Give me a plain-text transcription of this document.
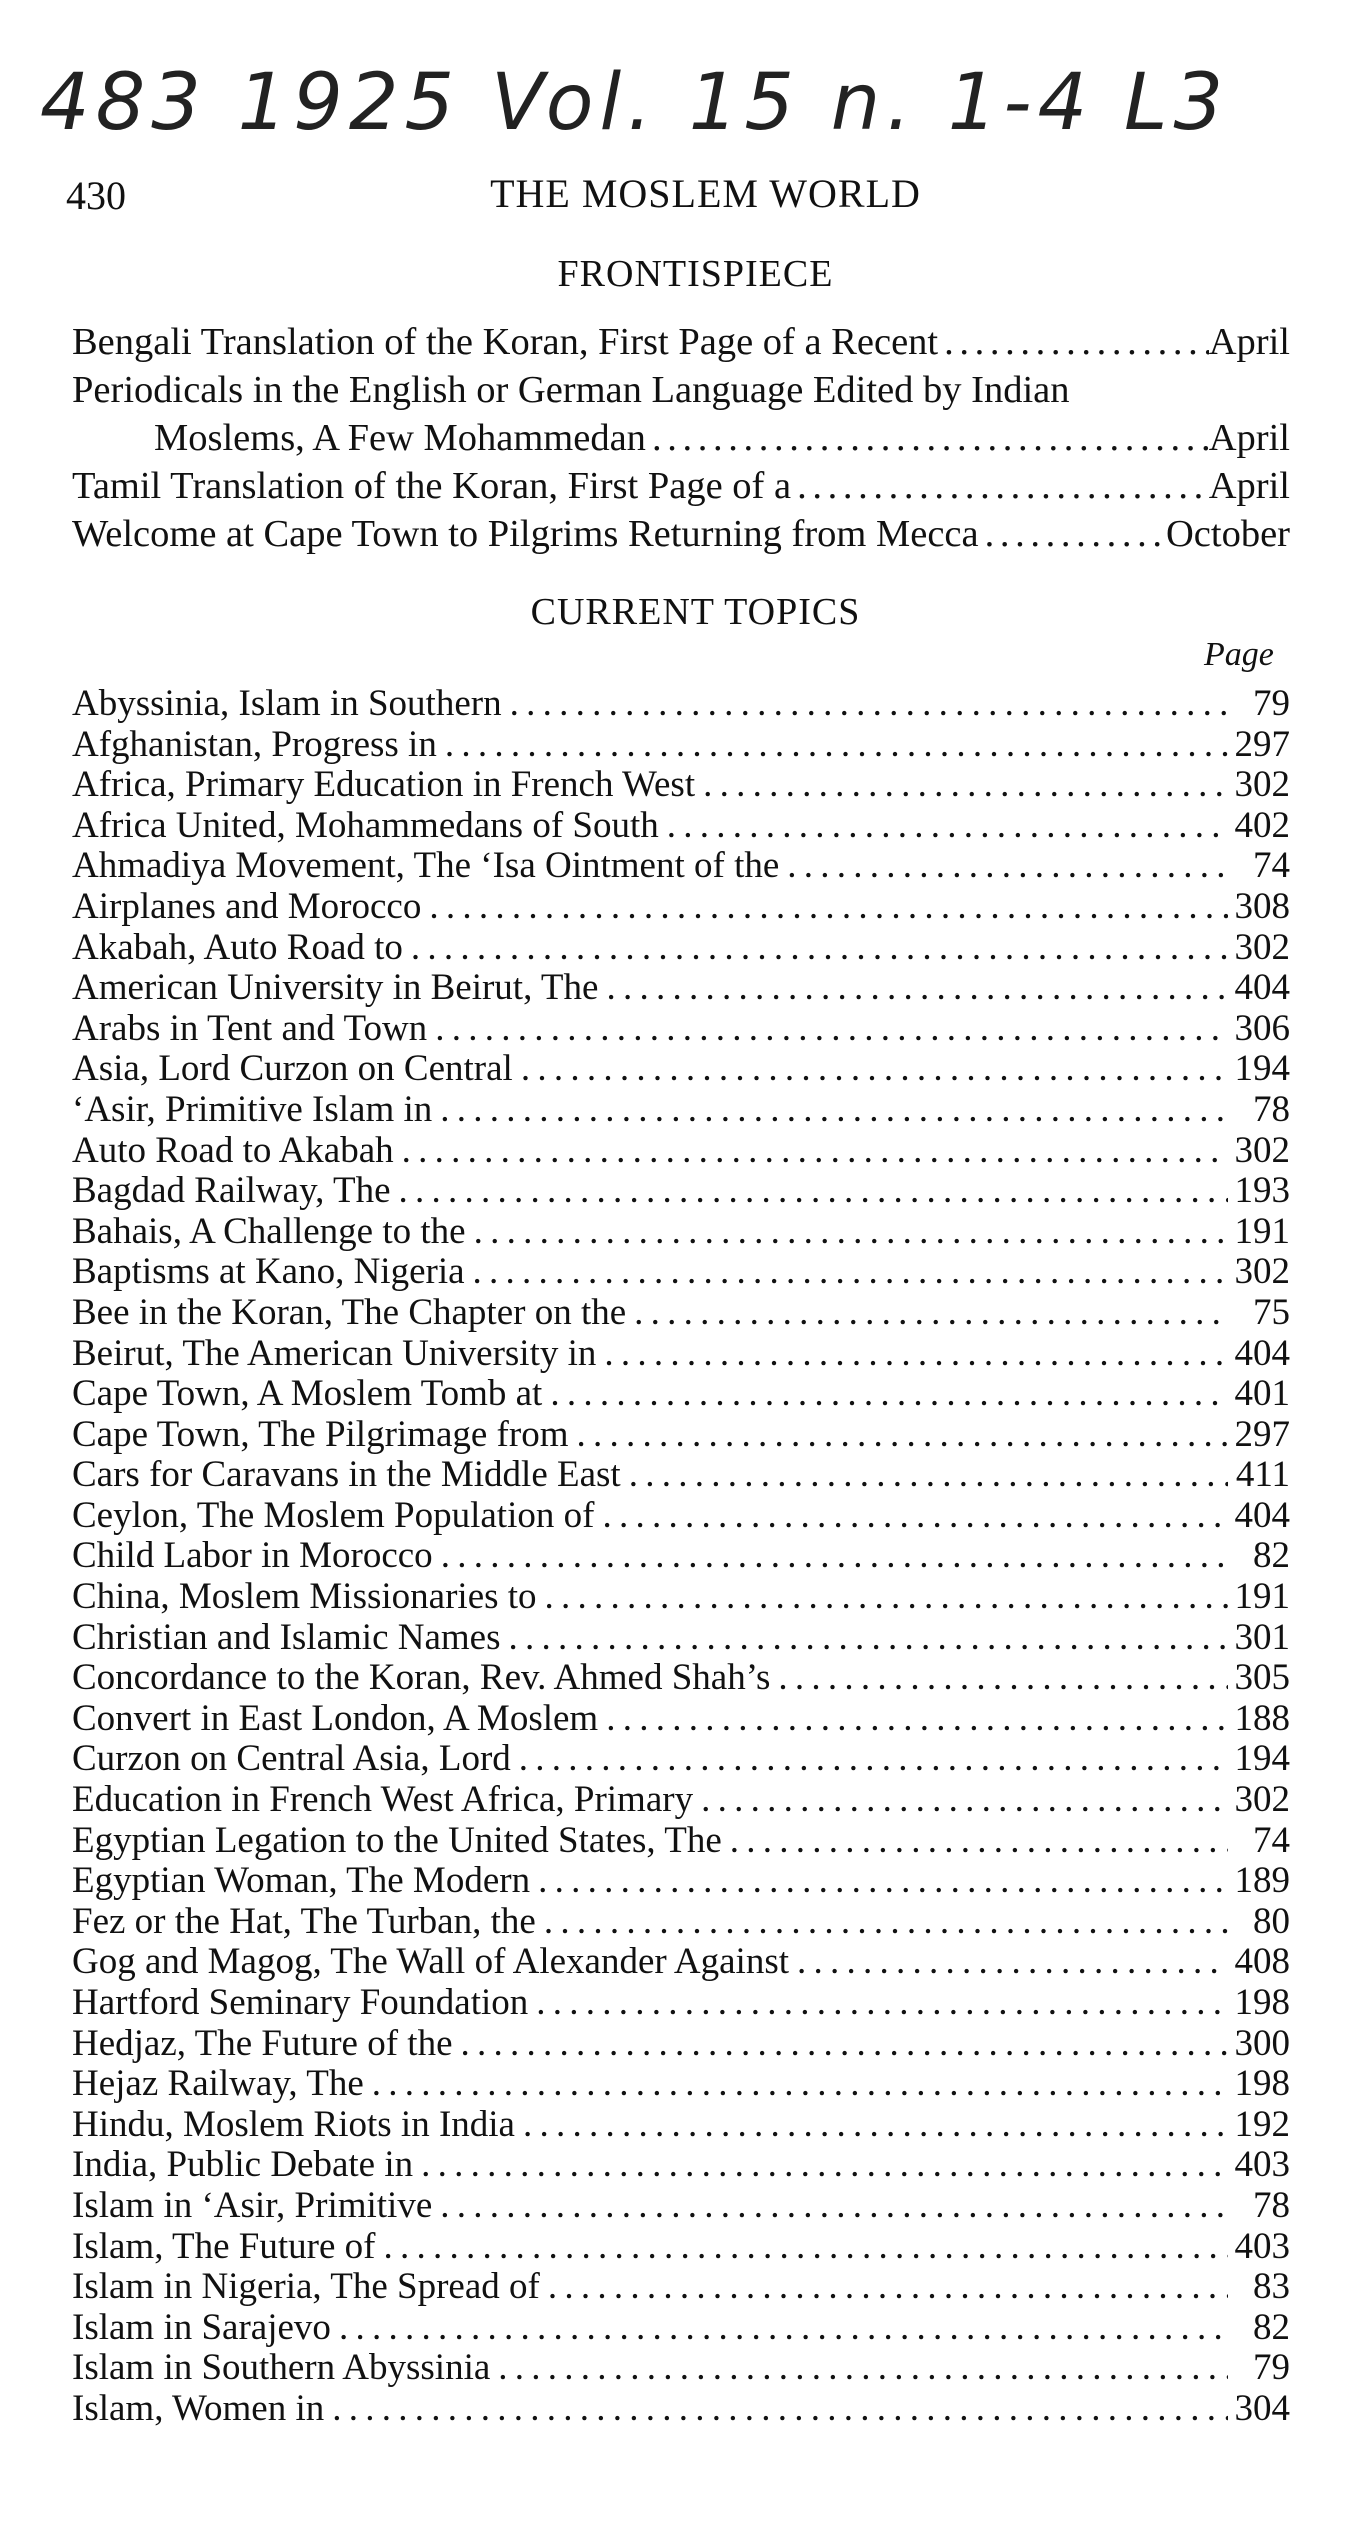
483 1925 Vol. 15 n. 1-4 L3
430	THE MOSLEM WORLD
FRONTISPIECE
Bengali Translation of the Koran, First Page of a Recent . . .	April
Periodicals in the English or German Language Edited by Indian
Moslems, A Few Mohammedan . . .	April
Tamil Translation of the Koran, First Page of a . . .	April
Welcome at Cape Town to Pilgrims Returning from Mecca . . .	October
CURRENT TOPICS
Page
Abyssinia, Islam in Southern . . .	79
Afghanistan, Progress in . . .	297
Africa, Primary Education in French West . . .	302
Africa United, Mohammedans of South . . .	402
Ahmadiya Movement, The ‘Isa Ointment of the . . .	74
Airplanes and Morocco . . .	308
Akabah, Auto Road to . . .	302
American University in Beirut, The . . .	404
Arabs in Tent and Town . . .	306
Asia, Lord Curzon on Central . . .	194
‘Asir, Primitive Islam in . . .	78
Auto Road to Akabah . . .	302
Bagdad Railway, The . . .	193
Bahais, A Challenge to the . . .	191
Baptisms at Kano, Nigeria . . .	302
Bee in the Koran, The Chapter on the . . .	75
Beirut, The American University in . . .	404
Cape Town, A Moslem Tomb at . . .	401
Cape Town, The Pilgrimage from . . .	297
Cars for Caravans in the Middle East . . .	411
Ceylon, The Moslem Population of . . .	404
Child Labor in Morocco . . .	82
China, Moslem Missionaries to . . .	191
Christian and Islamic Names . . .	301
Concordance to the Koran, Rev. Ahmed Shah’s . . .	305
Convert in East London, A Moslem . . .	188
Curzon on Central Asia, Lord . . .	194
Education in French West Africa, Primary . . .	302
Egyptian Legation to the United States, The . . .	74
Egyptian Woman, The Modern . . .	189
Fez or the Hat, The Turban, the . . .	80
Gog and Magog, The Wall of Alexander Against . . .	408
Hartford Seminary Foundation . . .	198
Hedjaz, The Future of the . . .	300
Hejaz Railway, The . . .	198
Hindu, Moslem Riots in India . . .	192
India, Public Debate in . . .	403
Islam in ‘Asir, Primitive . . .	78
Islam, The Future of . . .	403
Islam in Nigeria, The Spread of . . .	83
Islam in Sarajevo . . .	82
Islam in Southern Abyssinia . . .	79
Islam, Women in . . .	304
